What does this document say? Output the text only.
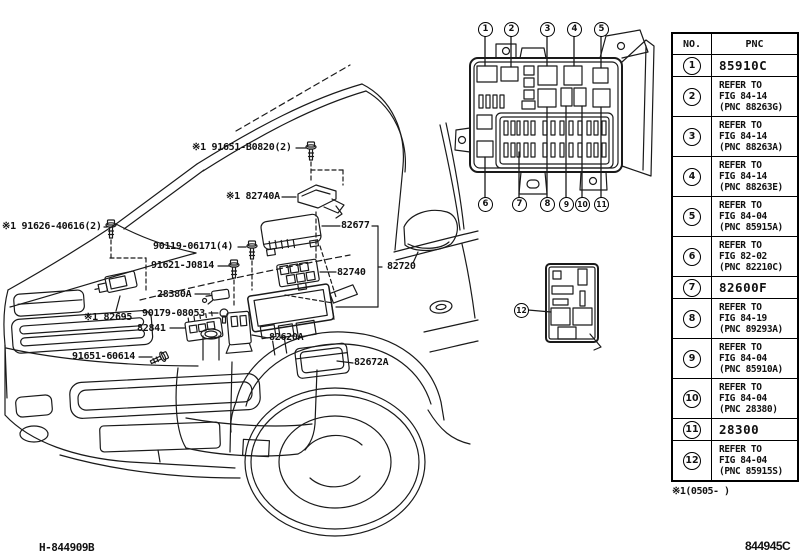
※1 91651-B0820(2)
※1 82740A
82677
※1 91626-40616(2)
90119-06171(4)
91621-J0814
82740
82720
28380A
※1 82695 90179-08053
82841
82620A
91651-60614
82672A
1	2	3	4	5
6	7	8	9	10	11
12
NO.	PNC
1	85910C
2
REFER TO
FIG 84-14
(PNC 88263G)
3
REFER TO
FIG 84-14
(PNC 88263A)
4
REFER TO
FIG 84-14
(PNC 88263E)
5
REFER TO
FIG 84-04
(PNC 85915A)
6
REFER TO
FIG 82-02
(PNC 82210C)
7	82600F
8
REFER TO
FIG 84-19
(PNC 89293A)
9
REFER TO
FIG 84-04
(PNC 85910A)
10
REFER TO
FIG 84-04
(PNC 28380)
11 28300
12
REFER TO
FIG 84-04
(PNC 85915S)
※1(0505- )
H-844909B	844945C
